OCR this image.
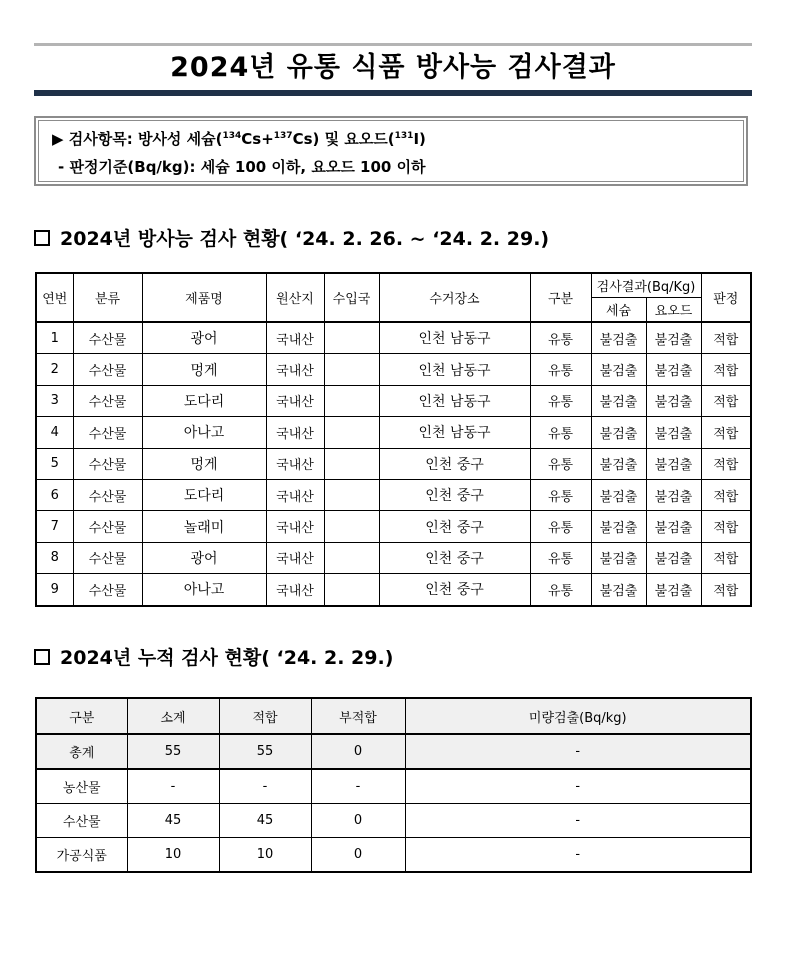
2024년 유통 식품 방사능 검사결과
▶ 검사항목: 방사성 세슘($^{134}$Cs+$^{137}$Cs) 및 요오드($^{131}$I)
- 판정기준(Bq/kg): 세슘 100 이하, 요오드 100 이하
2024년 방사능 검사 현황( ‘24. 2. 26. ~ ‘24. 2. 29.)
연번	분류	제품명	원산지	수입국	수거장소	구분	검사결과(Bq/Kg)		판정
							세슘	요오드	
1	수산물	광어	국내산		인천 남동구	유통	불검출	불검출	적합
2	수산물	멍게	국내산		인천 남동구	유통	불검출	불검출	적합
3	수산물	도다리	국내산		인천 남동구	유통	불검출	불검출	적합
4	수산물	아나고	국내산		인천 남동구	유통	불검출	불검출	적합
5	수산물	멍게	국내산		인천 중구	유통	불검출	불검출	적합
6	수산물	도다리	국내산		인천 중구	유통	불검출	불검출	적합
7	수산물	놀래미	국내산		인천 중구	유통	불검출	불검출	적합
8	수산물	광어	국내산		인천 중구	유통	불검출	불검출	적합
9	수산물	아나고	국내산		인천 중구	유통	불검출	불검출	적합
2024년 누적 검사 현황( ‘24. 2. 29.)
구분	소계	적합	부적합	미량검출(Bq/kg)
총계	55	55	0	-
농산물	-	-	-	-
수산물	45	45	0	-
가공식품	10	10	0	-
